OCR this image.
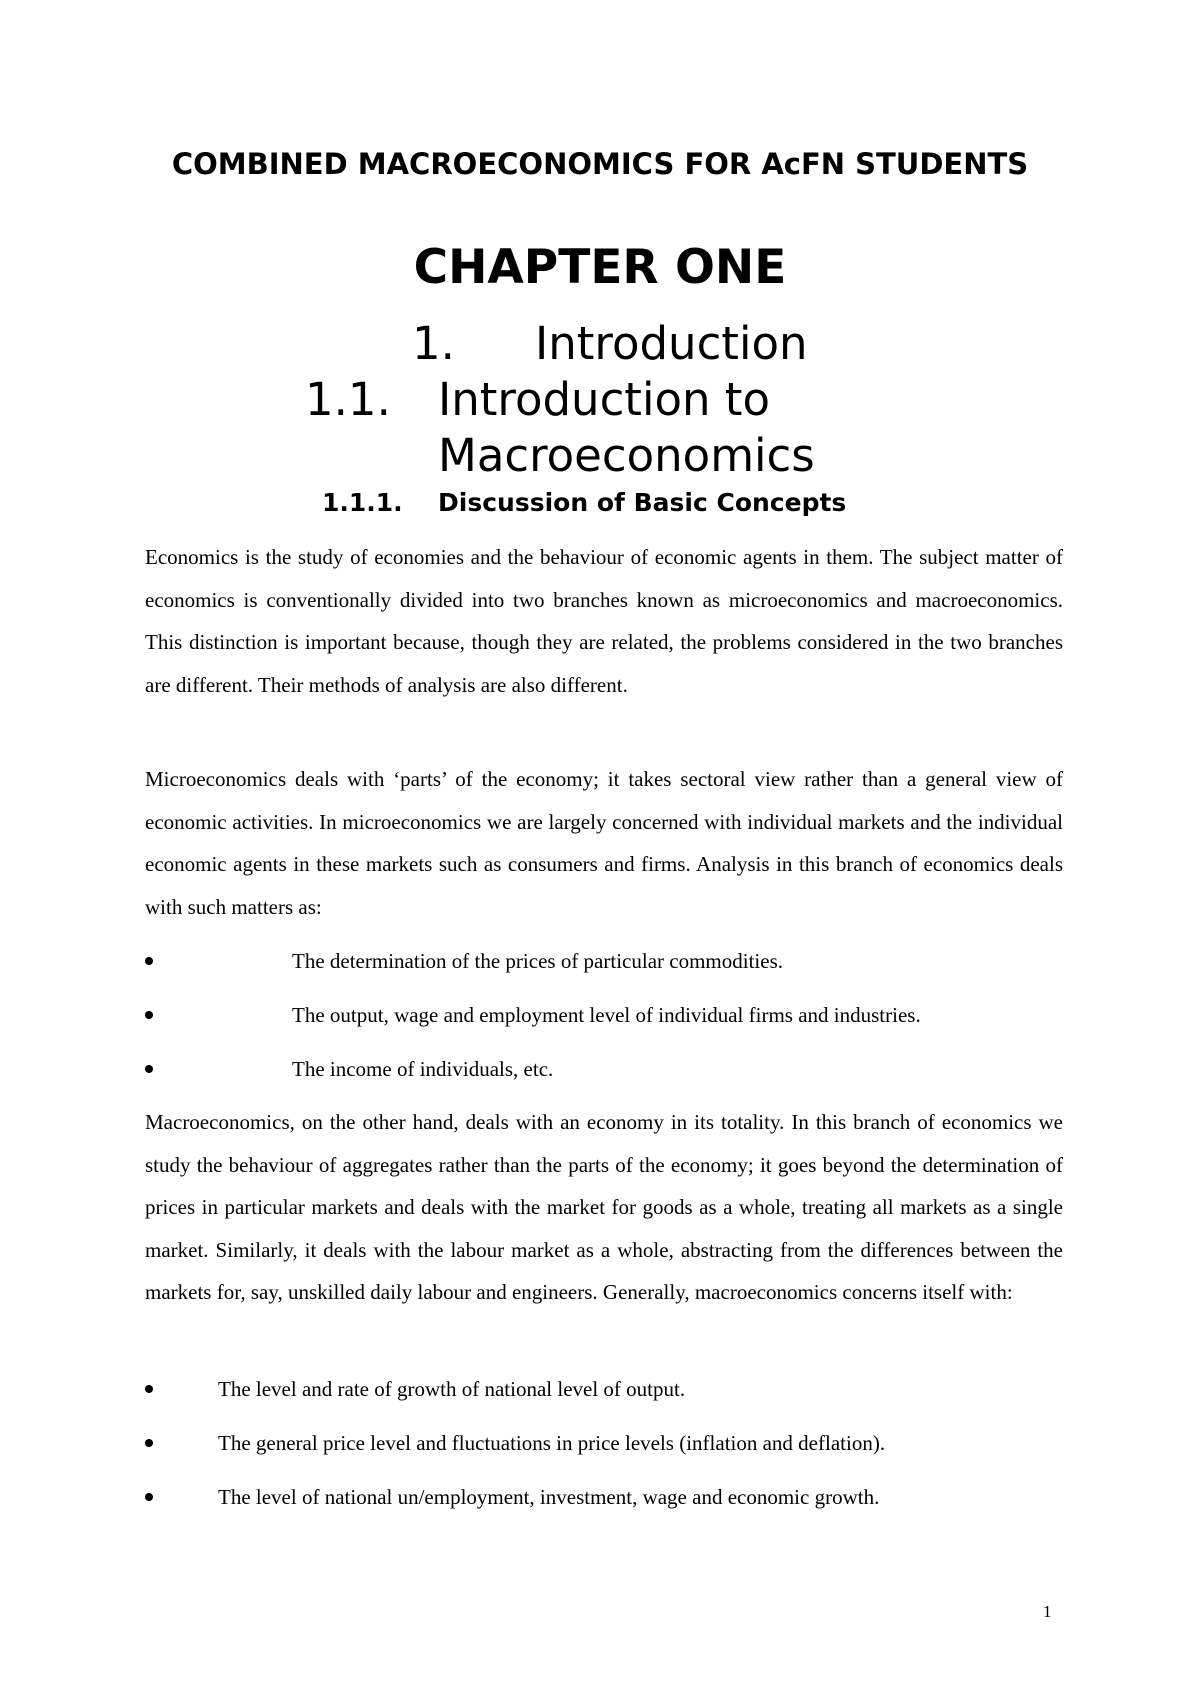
COMBINED MACROECONOMICS FOR AcFN STUDENTS
CHAPTER ONE
1. Introduction
1.1. Introduction to Macroeconomics
1.1.1. Discussion of Basic Concepts

Economics is the study of economies and the behaviour of economic agents in them. The subject matter of economics is conventionally divided into two branches known as microeconomics and macroeconomics. This distinction is important because, though they are related, the problems considered in the two branches are different. Their methods of analysis are also different.

Microeconomics deals with ‘parts’ of the economy; it takes sectoral view rather than a general view of economic activities. In microeconomics we are largely concerned with individual markets and the individual economic agents in these markets such as consumers and firms. Analysis in this branch of economics deals with such matters as:

The determination of the prices of particular commodities.
The output, wage and employment level of individual firms and industries.
The income of individuals, etc.

Macroeconomics, on the other hand, deals with an economy in its totality. In this branch of economics we study the behaviour of aggregates rather than the parts of the economy; it goes beyond the determination of prices in particular markets and deals with the market for goods as a whole, treating all markets as a single market. Similarly, it deals with the labour market as a whole, abstracting from the differences between the markets for, say, unskilled daily labour and engineers. Generally, macroeconomics concerns itself with:

The level and rate of growth of national level of output.
The general price level and fluctuations in price levels (inflation and deflation).
The level of national un/employment, investment, wage and economic growth.
1
